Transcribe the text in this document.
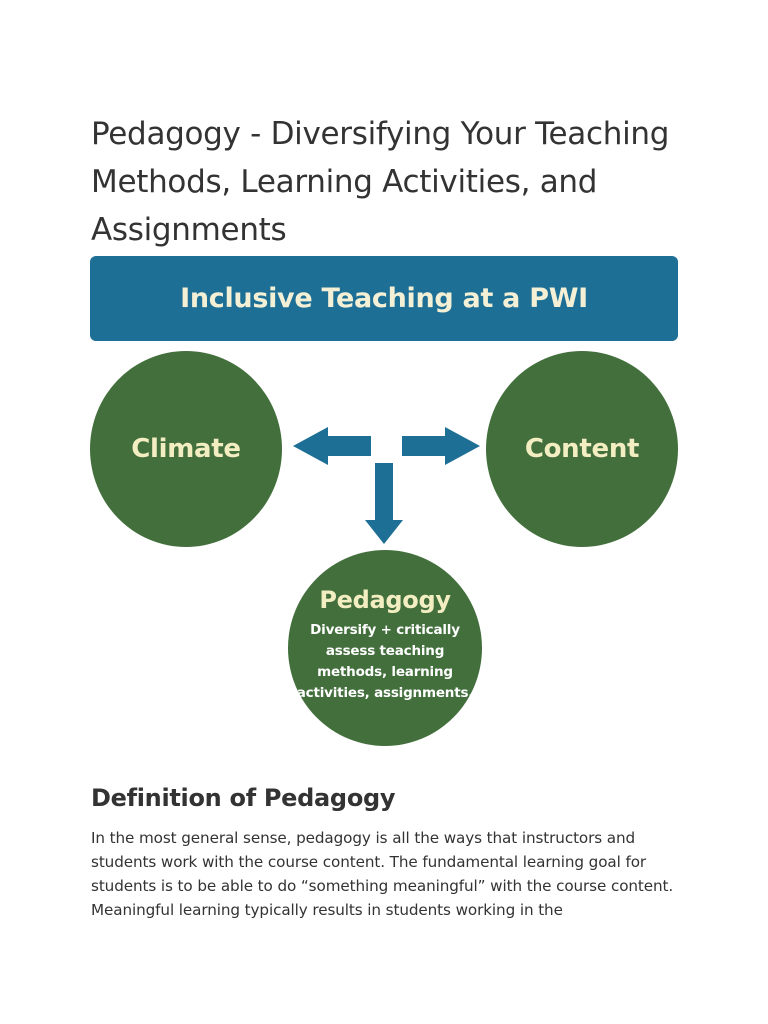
Pedagogy - Diversifying Your Teaching Methods, Learning Activities, and Assignments
Inclusive Teaching at a PWI
Climate	Content
Pedagogy
Diversify + critically assess teaching methods, learning activities, assignments.
Definition of Pedagogy

In the most general sense, pedagogy is all the ways that instructors and students work with the course content. The fundamental learning goal for students is to be able to do “something meaningful” with the course content. Meaningful learning typically results in students working in the
